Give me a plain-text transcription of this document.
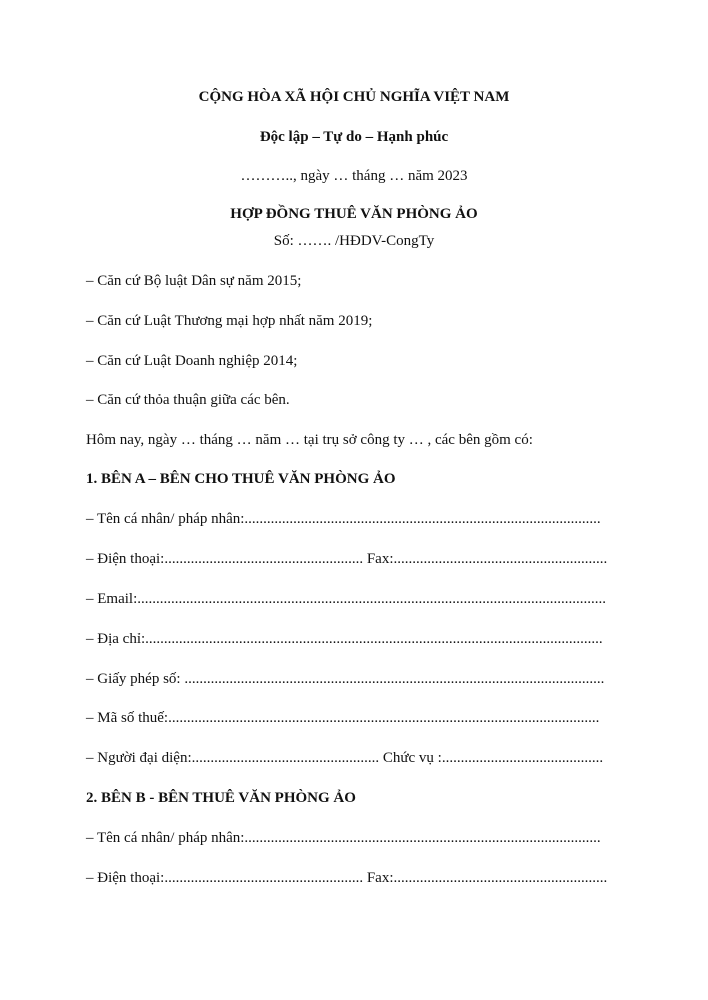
CỘNG HÒA XÃ HỘI CHỦ NGHĨA VIỆT NAM
Độc lập – Tự do – Hạnh phúc
……….., ngày … tháng … năm 2023
HỢP ĐỒNG THUÊ VĂN PHÒNG ẢO
Số: ……. /HĐDV-CongTy
– Căn cứ Bộ luật Dân sự năm 2015;
– Căn cứ Luật Thương mại hợp nhất năm 2019;
– Căn cứ Luật Doanh nghiệp 2014;
– Căn cứ thỏa thuận giữa các bên.
Hôm nay, ngày … tháng … năm … tại trụ sở công ty … , các bên gồm có:
1. BÊN A – BÊN CHO THUÊ VĂN PHÒNG ẢO
– Tên cá nhân/ pháp nhân:...............................................................................................
– Điện thoại:..................................................... Fax:.........................................................
– Email:.............................................................................................................................
– Địa chỉ:..........................................................................................................................
– Giấy phép số: ................................................................................................................
– Mã số thuế:...................................................................................................................
– Người đại diện:.................................................. Chức vụ :...........................................
2. BÊN B - BÊN THUÊ VĂN PHÒNG ẢO
– Tên cá nhân/ pháp nhân:...............................................................................................
– Điện thoại:..................................................... Fax:.........................................................
